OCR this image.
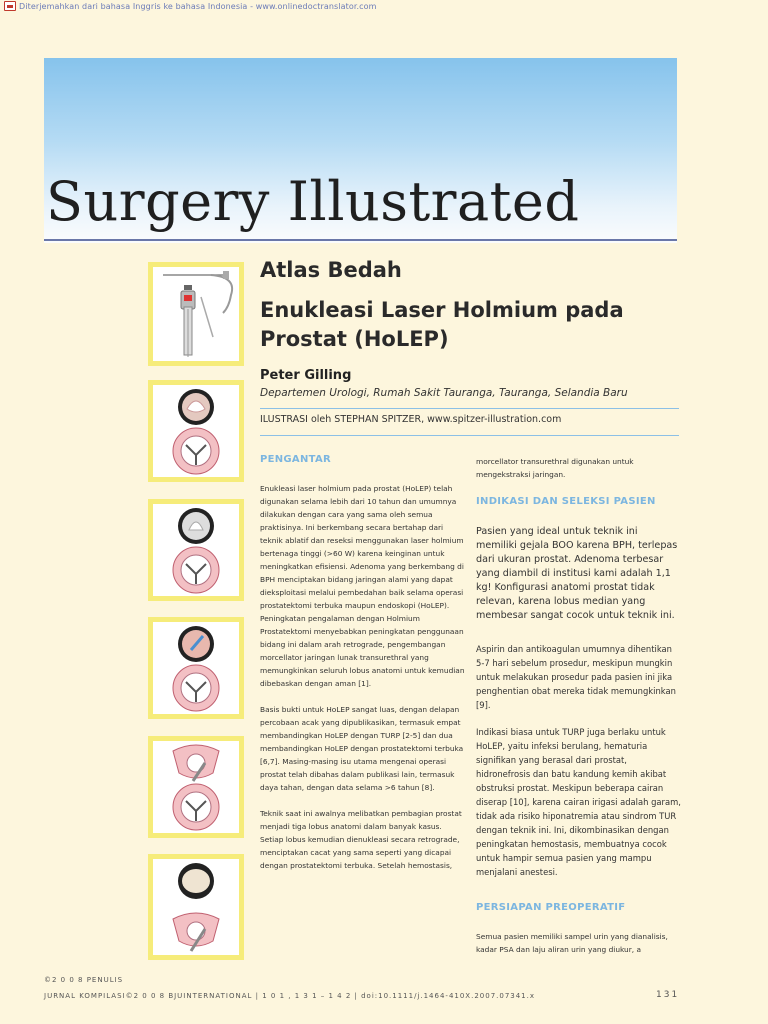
Diterjemahkan dari bahasa Inggris ke bahasa Indonesia - www.onlinedoctranslator.com
Surgery Illustrated
Atlas Bedah
Enukleasi Laser Holmium pada Prostat (HoLEP)
Peter Gilling
Departemen Urologi, Rumah Sakit Tauranga, Tauranga, Selandia Baru
ILUSTRASI oleh STEPHAN SPITZER, www.spitzer-illustration.com
PENGANTAR

Enukleasi laser holmium pada prostat (HoLEP) telah digunakan selama lebih dari 10 tahun dan umumnya dilakukan dengan cara yang sama oleh semua praktisinya. Ini berkembang secara bertahap dari teknik ablatif dan reseksi menggunakan laser holmium bertenaga tinggi (>60 W) karena keinginan untuk meningkatkan efisiensi. Adenoma yang berkembang di BPH menciptakan bidang jaringan alami yang dapat dieksploitasi melalui pembedahan baik selama operasi prostatektomi terbuka maupun endoskopi (HoLEP). Peningkatan pengalaman dengan Holmium Prostatektomi menyebabkan peningkatan penggunaan bidang ini dalam arah retrograde, pengembangan morcellator jaringan lunak transurethral yang memungkinkan seluruh lobus anatomi untuk kemudian dibebaskan dengan aman [1].

Basis bukti untuk HoLEP sangat luas, dengan delapan percobaan acak yang dipublikasikan, termasuk empat membandingkan HoLEP dengan TURP [2-5] dan dua membandingkan HoLEP dengan prostatektomi terbuka [6,7]. Masing-masing isu utama mengenai operasi prostat telah dibahas dalam publikasi lain, termasuk daya tahan, dengan data selama >6 tahun [8].

Teknik saat ini awalnya melibatkan pembagian prostat menjadi tiga lobus anatomi dalam banyak kasus. Setiap lobus kemudian dienukleasi secara retrograde, menciptakan cacat yang sama seperti yang dicapai dengan prostatektomi terbuka. Setelah hemostasis,

morcellator transurethral digunakan untuk mengekstraksi jaringan.

INDIKASI DAN SELEKSI PASIEN

Pasien yang ideal untuk teknik ini memiliki gejala BOO karena BPH, terlepas dari ukuran prostat. Adenoma terbesar yang diambil di institusi kami adalah 1,1 kg! Konfigurasi anatomi prostat tidak relevan, karena lobus median yang membesar sangat cocok untuk teknik ini.

Aspirin dan antikoagulan umumnya dihentikan 5-7 hari sebelum prosedur, meskipun mungkin untuk melakukan prosedur pada pasien ini jika penghentian obat mereka tidak memungkinkan [9].

Indikasi biasa untuk TURP juga berlaku untuk HoLEP, yaitu infeksi berulang, hematuria signifikan yang berasal dari prostat, hidronefrosis dan batu kandung kemih akibat obstruksi prostat. Meskipun beberapa cairan diserap [10], karena cairan irigasi adalah garam, tidak ada risiko hiponatremia atau sindrom TUR dengan teknik ini. Ini, dikombinasikan dengan peningkatan hemostasis, membuatnya cocok untuk hampir semua pasien yang mampu menjalani anestesi.

PERSIAPAN PREOPERATIF

Semua pasien memiliki sampel urin yang dianalisis, kadar PSA dan laju aliran urin yang diukur, a

©2 0 0 8 PENULIS
JURNAL KOMPILASI©2 0 0 8 BJUINTERNATIONAL | 1 0 1 , 1 3 1 – 1 4 2 | doi:10.1111/j.1464-410X.2007.07341.x	131
